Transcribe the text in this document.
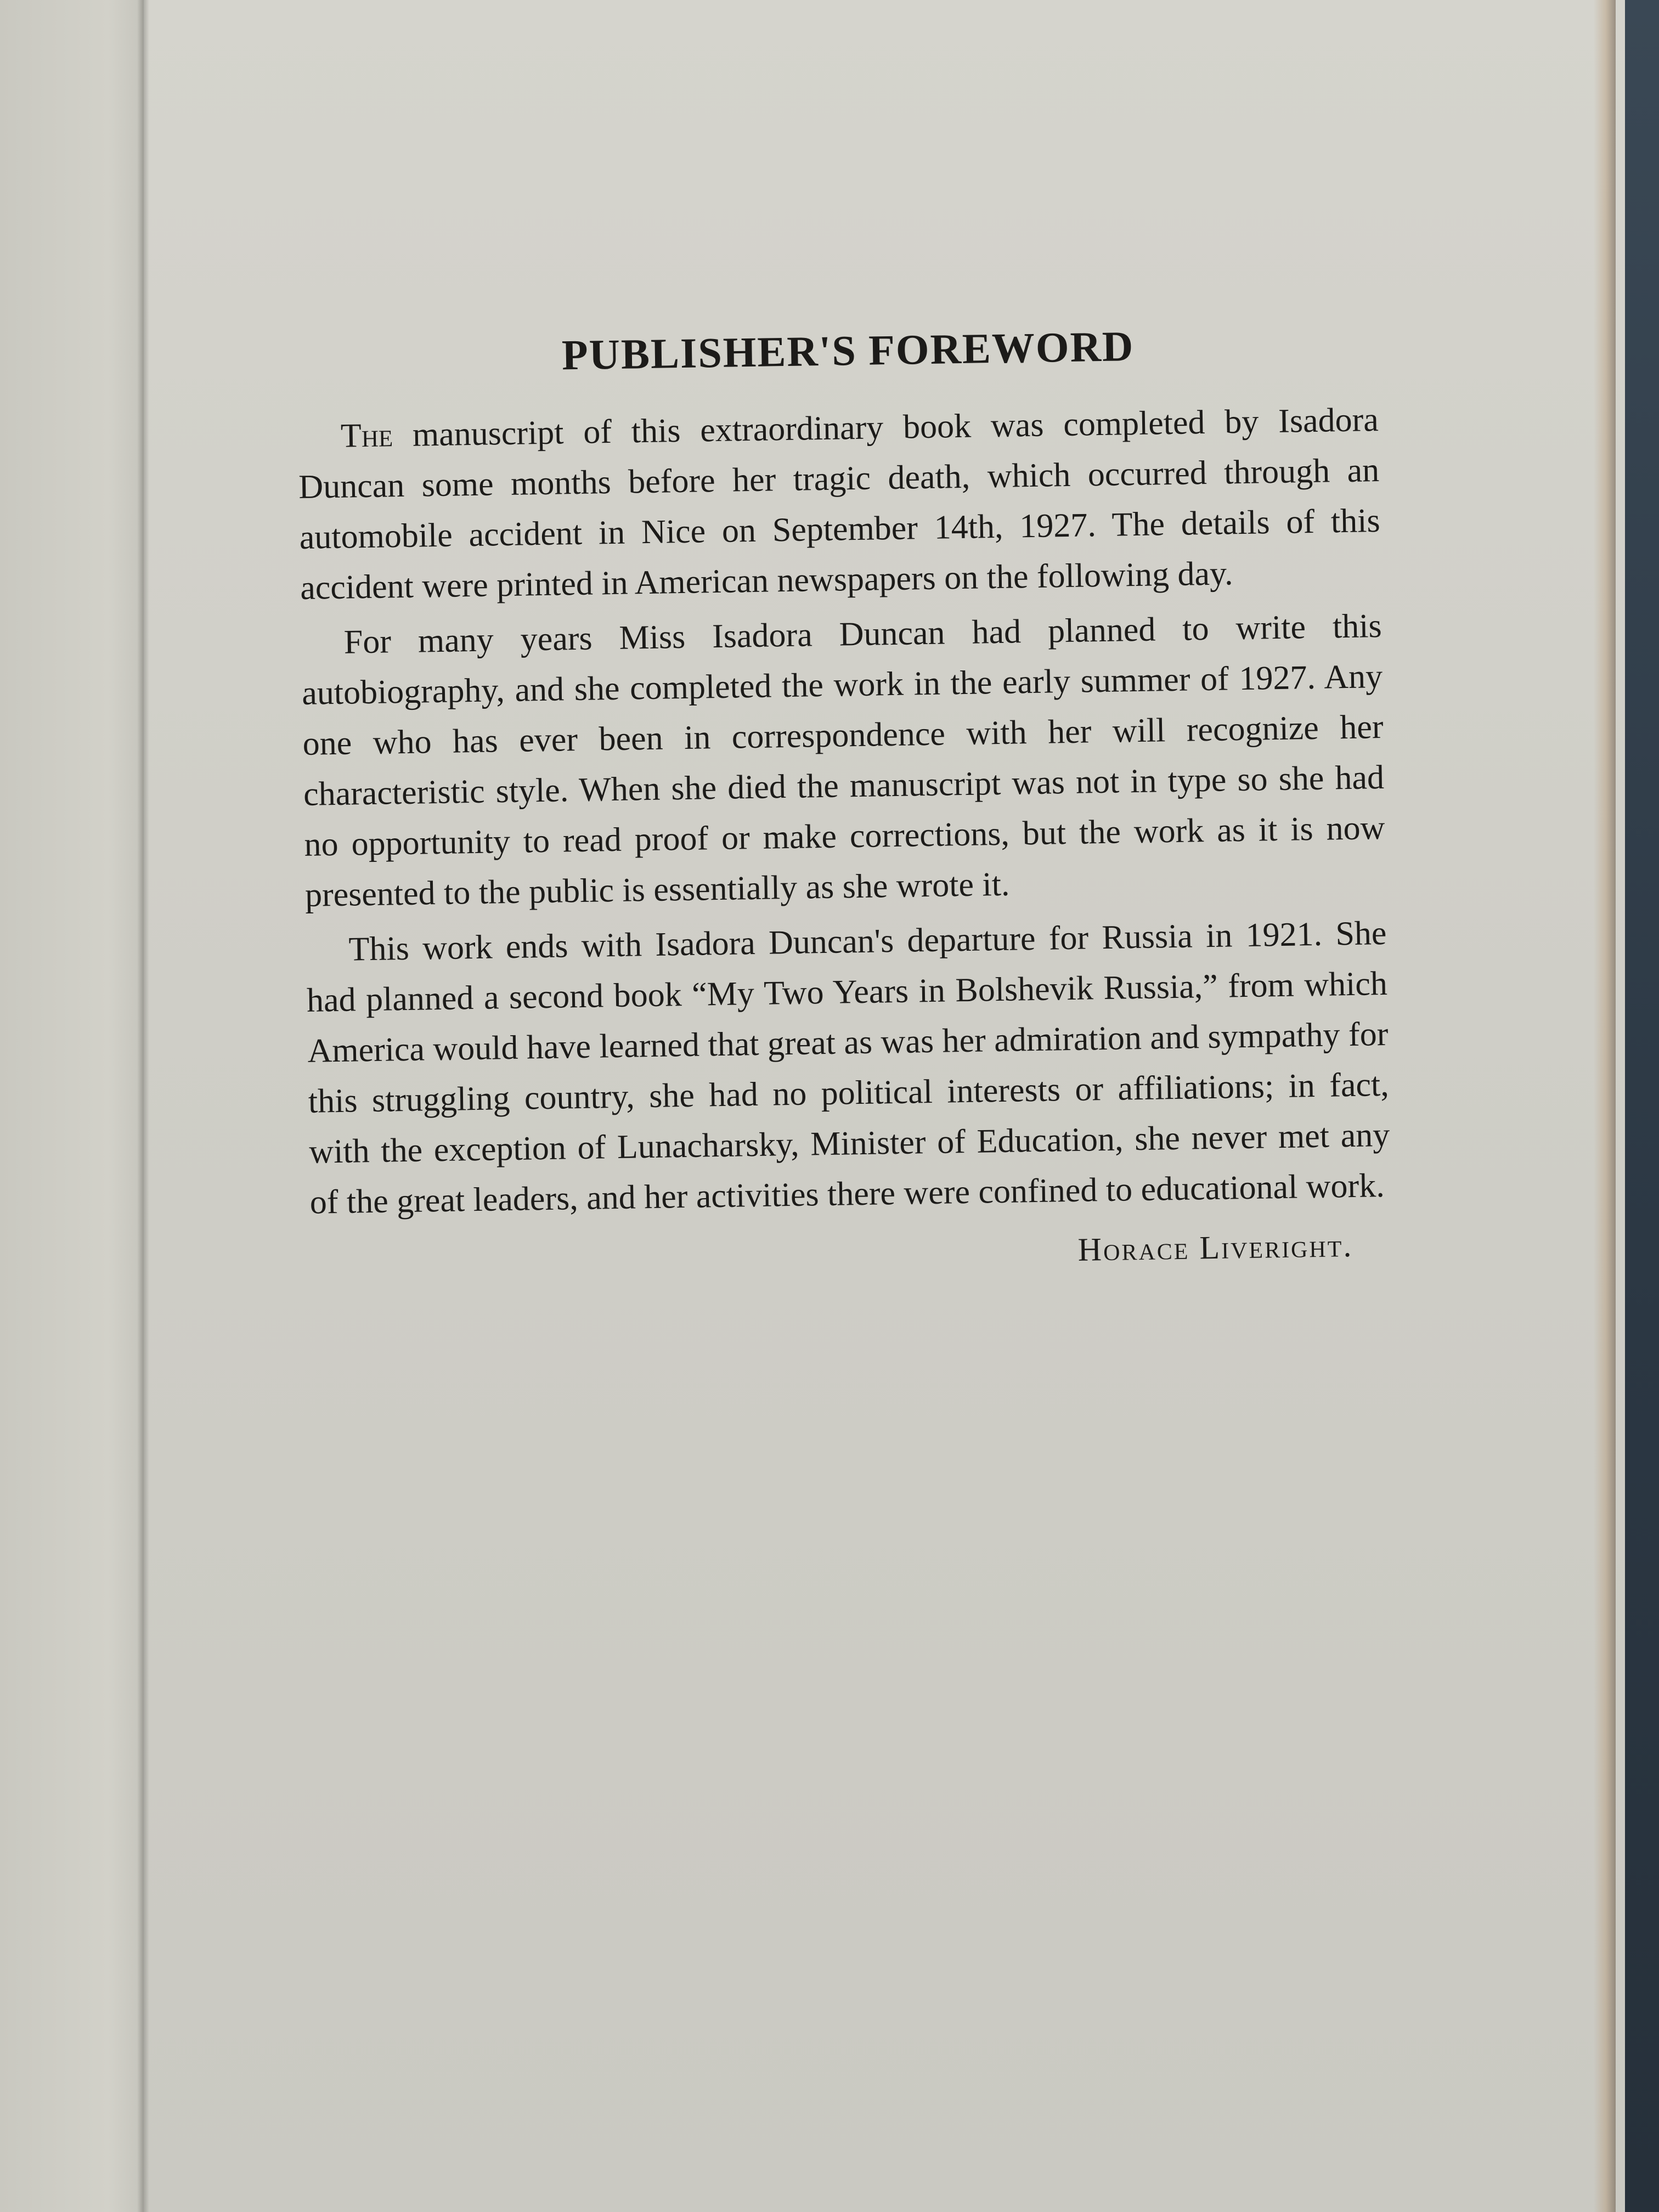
PUBLISHER'S FOREWORD

The manuscript of this extraordinary book was completed by Isadora Duncan some months before her tragic death, which occurred through an automobile accident in Nice on September 14th, 1927. The details of this accident were printed in American newspapers on the following day.

For many years Miss Isadora Duncan had planned to write this autobiography, and she completed the work in the early summer of 1927. Any one who has ever been in correspondence with her will recognize her characteristic style. When she died the manuscript was not in type so she had no opportunity to read proof or make corrections, but the work as it is now presented to the public is essentially as she wrote it.

This work ends with Isadora Duncan's departure for Russia in 1921. She had planned a second book “My Two Years in Bolshevik Russia,” from which America would have learned that great as was her admiration and sympathy for this struggling country, she had no political interests or affiliations; in fact, with the exception of Lunacharsky, Minister of Education, she never met any of the great leaders, and her activities there were confined to educational work.

Horace Liveright.
